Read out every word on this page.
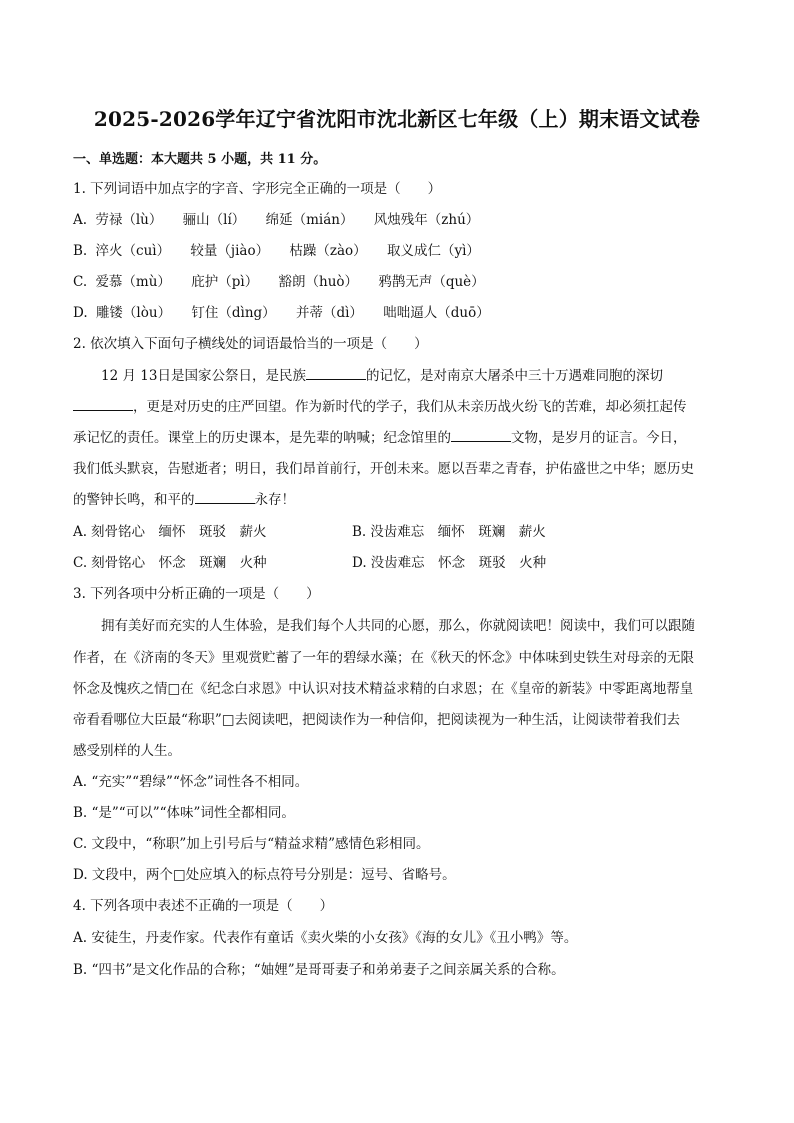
2025-2026学年辽宁省沈阳市沈北新区七年级（上）期末语文试卷
一、单选题：本大题共 5 小题，共 11 分。
1. 下列词语中加点字的字音、字形完全正确的一项是（　　）
A. 劳禄（lù） 骊山（lí） 绵延（mián） 风烛残年（zhú）
B. 淬火（cuì） 较量（jiào） 枯躁（zào） 取义成仁（yì）
C. 爱慕（mù） 庇护（pì） 豁朗（huò） 鸦鹊无声（què）
D. 雕镂（lòu） 钉住（dìng） 并蒂（dì） 咄咄逼人（duō）
2. 依次填入下面句子横线处的词语最恰当的一项是（　　）
12 月 13日是国家公祭日，是民族	的记忆，是对南京大屠杀中三十万遇难同胞的深切
，更是对历史的庄严回望。作为新时代的学子，我们从未亲历战火纷飞的苦难，却必须扛起传
承记忆的责任。课堂上的历史课本，是先辈的呐喊；纪念馆里的	文物，是岁月的证言。今日，
我们低头默哀，告慰逝者；明日，我们昂首前行，开创未来。愿以吾辈之青春，护佑盛世之中华；愿历史
的警钟长鸣，和平的	永存！
A. 刻骨铭心　缅怀　斑驳　薪火	B. 没齿难忘　缅怀　斑斓　薪火
C. 刻骨铭心　怀念　斑斓　火种	D. 没齿难忘　怀念　斑驳　火种
3. 下列各项中分析正确的一项是（　　）
拥有美好而充实的人生体验，是我们每个人共同的心愿，那么，你就阅读吧！阅读中，我们可以跟随
作者，在《济南的冬天》里观赏贮蓄了一年的碧绿水藻；在《秋天的怀念》中体味到史铁生对母亲的无限
怀念及愧疚之情□在《纪念白求恩》中认识对技术精益求精的白求恩；在《皇帝的新装》中零距离地帮皇
帝看看哪位大臣最“称职”□去阅读吧，把阅读作为一种信仰，把阅读视为一种生活，让阅读带着我们去
感受别样的人生。
A. “充实”“碧绿”“怀念”词性各不相同。
B. “是”“可以”“体味”词性全都相同。
C. 文段中，“称职”加上引号后与“精益求精”感情色彩相同。
D. 文段中，两个□处应填入的标点符号分别是：逗号、省略号。
4. 下列各项中表述不正确的一项是（　　）
A. 安徒生，丹麦作家。代表作有童话《卖火柴的小女孩》《海的女儿》《丑小鸭》等。
B. “四书”是文化作品的合称；“妯娌”是哥哥妻子和弟弟妻子之间亲属关系的合称。
